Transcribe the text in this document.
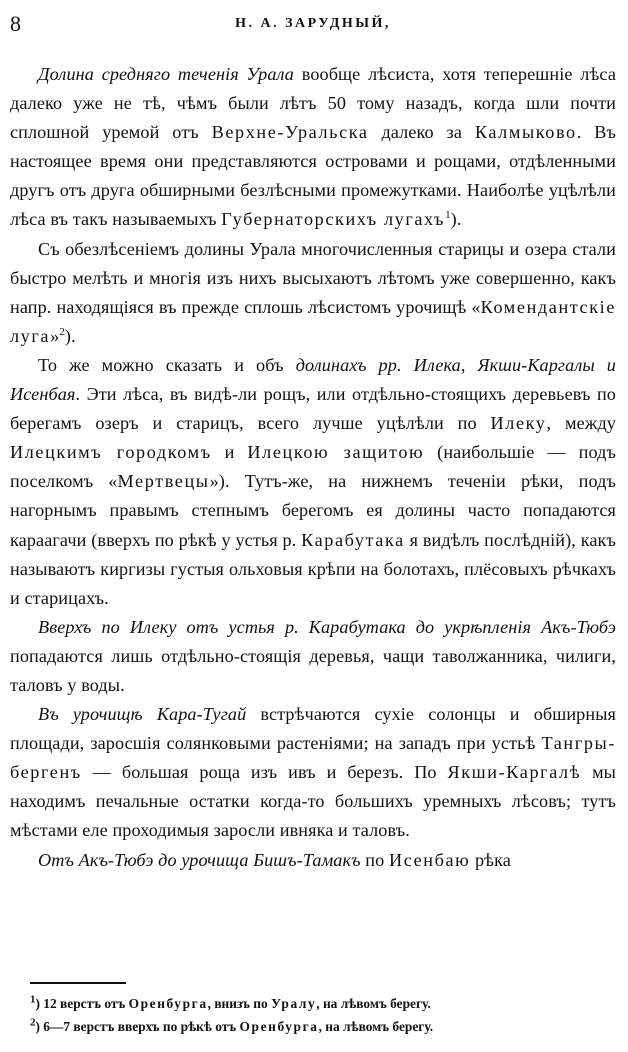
8	Н. А. ЗАРУДНЫЙ,

Долина средняго теченія Урала вообще лѣсиста, хотя теперешніе лѣса далеко уже не тѣ, чѣмъ были лѣтъ 50 тому назадъ, когда шли почти сплошной уремой отъ Верхне-Уральска далеко за Калмыково. Въ настоящее время они представляются островами и рощами, отдѣленными другъ отъ друга обширными безлѣсными промежутками. Наиболѣе уцѣлѣли лѣса въ такъ называемыхъ Губернаторскихъ лугахъ$^1$).

Съ обезлѣсеніемъ долины Урала многочисленныя старицы и озера стали быстро мелѣть и многія изъ нихъ высыхаютъ лѣтомъ уже совершенно, какъ напр. находящіяся въ прежде сплошь лѣсистомъ урочищѣ «Комендантскіе луга»$^2$).

То же можно сказать и объ долинахъ рр. Илека, Якши-Каргалы и Исенбая. Эти лѣса, въ видѣ-ли рощъ, или отдѣльно-стоящихъ деревьевъ по берегамъ озеръ и старицъ, всего лучше уцѣлѣли по Илеку, между Илецкимъ городкомъ и Илецкою защитою (наибольшіе — подъ поселкомъ «Мертвецы»). Тутъ-же, на нижнемъ теченіи рѣки, подъ нагорнымъ правымъ степнымъ берегомъ ея долины часто попадаются караагачи (вверхъ по рѣкѣ у устья р. Карабутака я видѣлъ послѣдній), какъ называютъ киргизы густыя ольховыя крѣпи на болотахъ, плёсовыхъ рѣчкахъ и старицахъ.

Вверхъ по Илеку отъ устья р. Карабутака до укрѣпленія Акъ-Тюбэ попадаются лишь отдѣльно-стоящія деревья, чащи таволжанника, чилиги, таловъ у воды.

Въ урочищѣ Кара-Тугай встрѣчаются сухіе солонцы и обширныя площади, заросшія солянковыми растеніями; на западъ при устьѣ Тангры-бергенъ — большая роща изъ ивъ и березъ. По Якши-Каргалѣ мы находимъ печальные остатки когда-то большихъ уремныхъ лѣсовъ; тутъ мѣстами еле проходимыя заросли ивняка и таловъ.

Отъ Акъ-Тюбэ до урочища Бишъ-Тамакъ по Исенбаю рѣка

$^1$) 12 верстъ отъ Оренбурга, внизъ по Уралу, на лѣвомъ берегу.

$^2$) 6—7 верстъ вверхъ по рѣкѣ отъ Оренбурга, на лѣвомъ берегу.
